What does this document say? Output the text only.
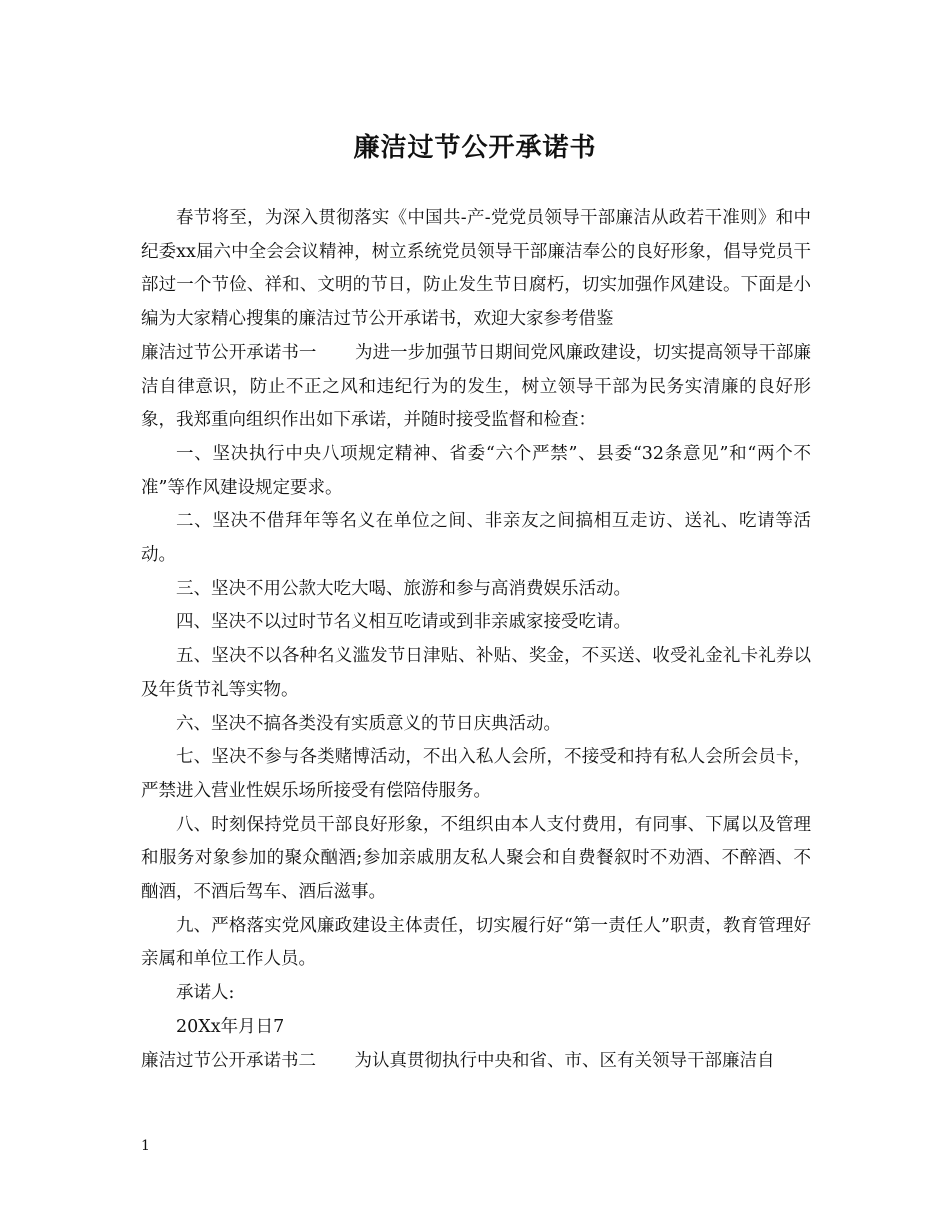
廉洁过节公开承诺书

春节将至，为深入贯彻落实《中国共-产-党党员领导干部廉洁从政若干准则》和中纪委xx届六中全会会议精神，树立系统党员领导干部廉洁奉公的良好形象，倡导党员干部过一个节俭、祥和、文明的节日，防止发生节日腐朽，切实加强作风建设。下面是小编为大家精心搜集的廉洁过节公开承诺书，欢迎大家参考借鉴

廉洁过节公开承诺书一 为进一步加强节日期间党风廉政建设，切实提高领导干部廉洁自律意识，防止不正之风和违纪行为的发生，树立领导干部为民务实清廉的良好形象，我郑重向组织作出如下承诺，并随时接受监督和检查：

一、坚决执行中央八项规定精神、省委“六个严禁”、县委“32条意见”和“两个不准”等作风建设规定要求。

二、坚决不借拜年等名义在单位之间、非亲友之间搞相互走访、送礼、吃请等活动。

三、坚决不用公款大吃大喝、旅游和参与高消费娱乐活动。

四、坚决不以过时节名义相互吃请或到非亲戚家接受吃请。

五、坚决不以各种名义滥发节日津贴、补贴、奖金，不买送、收受礼金礼卡礼券以及年货节礼等实物。

六、坚决不搞各类没有实质意义的节日庆典活动。

七、坚决不参与各类赌博活动，不出入私人会所，不接受和持有私人会所会员卡，严禁进入营业性娱乐场所接受有偿陪侍服务。

八、时刻保持党员干部良好形象，不组织由本人支付费用，有同事、下属以及管理和服务对象参加的聚众酗酒;参加亲戚朋友私人聚会和自费餐叙时不劝酒、不醉酒、不酗酒，不酒后驾车、酒后滋事。

九、严格落实党风廉政建设主体责任，切实履行好“第一责任人”职责，教育管理好亲属和单位工作人员。

承诺人:

20Xx年月日7

廉洁过节公开承诺书二 为认真贯彻执行中央和省、市、区有关领导干部廉洁自

1
